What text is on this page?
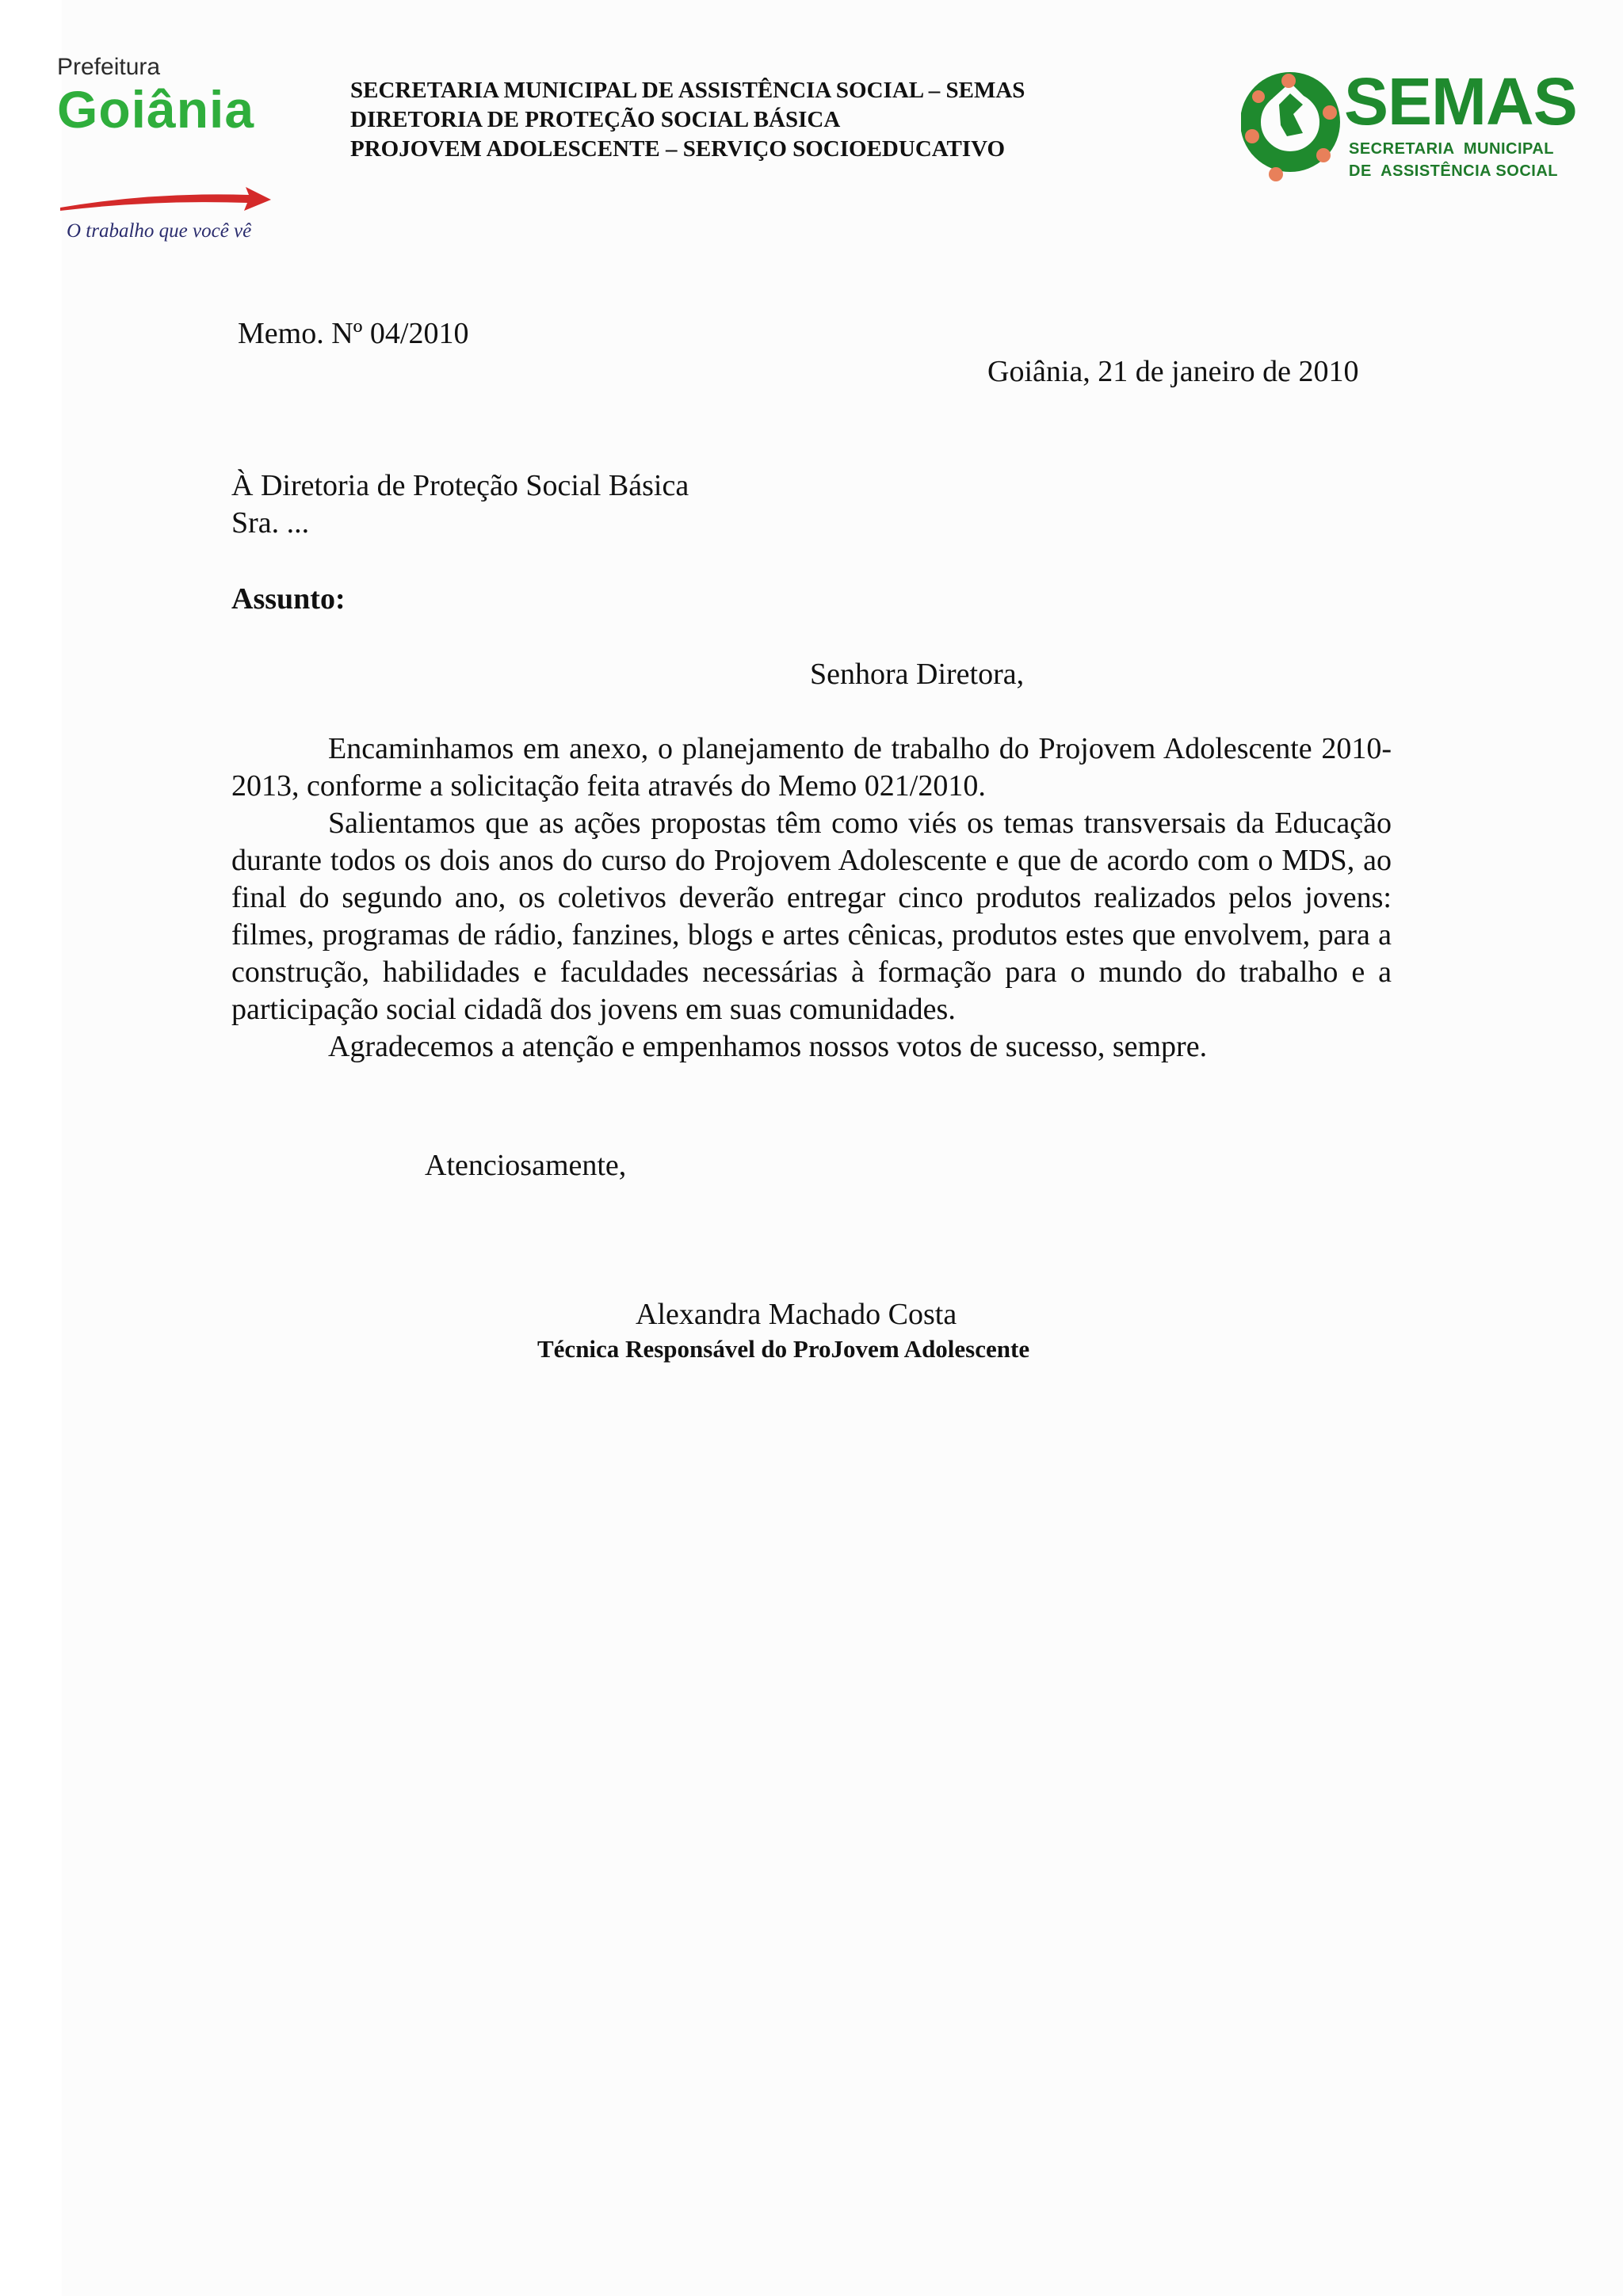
Prefeitura
Goiânia
O trabalho que você vê
SECRETARIA MUNICIPAL DE ASSISTÊNCIA SOCIAL – SEMAS
DIRETORIA DE PROTEÇÃO SOCIAL BÁSICA
PROJOVEM ADOLESCENTE – SERVIÇO SOCIOEDUCATIVO
SEMAS
SECRETARIA  MUNICIPAL
DE  ASSISTÊNCIA SOCIAL
Memo. Nº 04/2010
Goiânia, 21 de janeiro de 2010
À Diretoria de Proteção Social Básica
Sra. ...
Assunto:
Senhora Diretora,

Encaminhamos em anexo, o planejamento de trabalho do Projovem Adolescente 2010-2013, conforme a solicitação feita através do Memo 021/2010.

Salientamos que as ações propostas têm como viés os temas transversais da Educação durante todos os dois anos do curso do Projovem Adolescente e que de acordo com o MDS, ao final do segundo ano, os coletivos deverão entregar cinco produtos realizados pelos jovens: filmes, programas de rádio, fanzines, blogs e artes cênicas, produtos estes que envolvem, para a construção, habilidades e faculdades necessárias à formação para o mundo do trabalho e a participação social cidadã dos jovens em suas comunidades.

Agradecemos a atenção e empenhamos nossos votos de sucesso, sempre.

Atenciosamente,
Alexandra Machado Costa
Técnica Responsável do ProJovem Adolescente
